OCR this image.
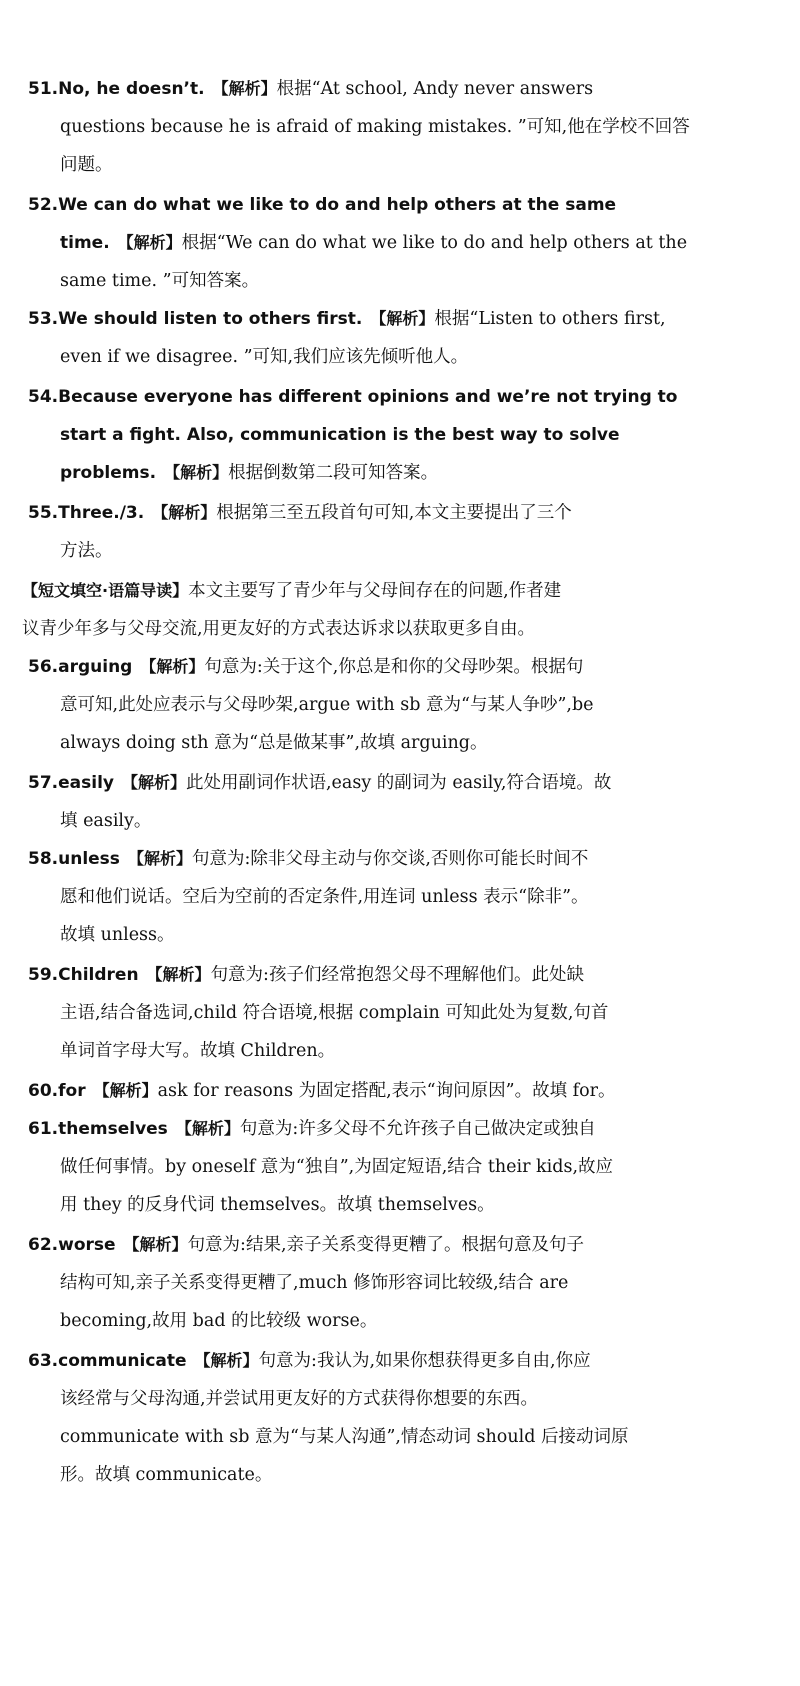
51.No, he doesn’t. 【解析】根据“At school, Andy never answers
questions because he is afraid of making mistakes. ”可知,他在学校不回答
问题。
52.We can do what we like to do and help others at the same
time. 【解析】根据“We can do what we like to do and help others at the
same time. ”可知答案。
53.We should listen to others first. 【解析】根据“Listen to others first,
even if we disagree. ”可知,我们应该先倾听他人。
54.Because everyone has different opinions and we’re not trying to
start a fight. Also, communication is the best way to solve
problems. 【解析】根据倒数第二段可知答案。
55.Three./3. 【解析】根据第三至五段首句可知,本文主要提出了三个
方法。
【短文填空·语篇导读】本文主要写了青少年与父母间存在的问题,作者建
议青少年多与父母交流,用更友好的方式表达诉求以获取更多自由。
56.arguing 【解析】句意为:关于这个,你总是和你的父母吵架。根据句
意可知,此处应表示与父母吵架,argue with sb 意为“与某人争吵”,be
always doing sth 意为“总是做某事”,故填 arguing。
57.easily 【解析】此处用副词作状语,easy 的副词为 easily,符合语境。故
填 easily。
58.unless 【解析】句意为:除非父母主动与你交谈,否则你可能长时间不
愿和他们说话。空后为空前的否定条件,用连词 unless 表示“除非”。
故填 unless。
59.Children 【解析】句意为:孩子们经常抱怨父母不理解他们。此处缺
主语,结合备选词,child 符合语境,根据 complain 可知此处为复数,句首
单词首字母大写。故填 Children。
60.for 【解析】ask for reasons 为固定搭配,表示“询问原因”。故填 for。
61.themselves 【解析】句意为:许多父母不允许孩子自己做决定或独自
做任何事情。by oneself 意为“独自”,为固定短语,结合 their kids,故应
用 they 的反身代词 themselves。故填 themselves。
62.worse 【解析】句意为:结果,亲子关系变得更糟了。根据句意及句子
结构可知,亲子关系变得更糟了,much 修饰形容词比较级,结合 are
becoming,故用 bad 的比较级 worse。
63.communicate 【解析】句意为:我认为,如果你想获得更多自由,你应
该经常与父母沟通,并尝试用更友好的方式获得你想要的东西。
communicate with sb 意为“与某人沟通”,情态动词 should 后接动词原
形。故填 communicate。
